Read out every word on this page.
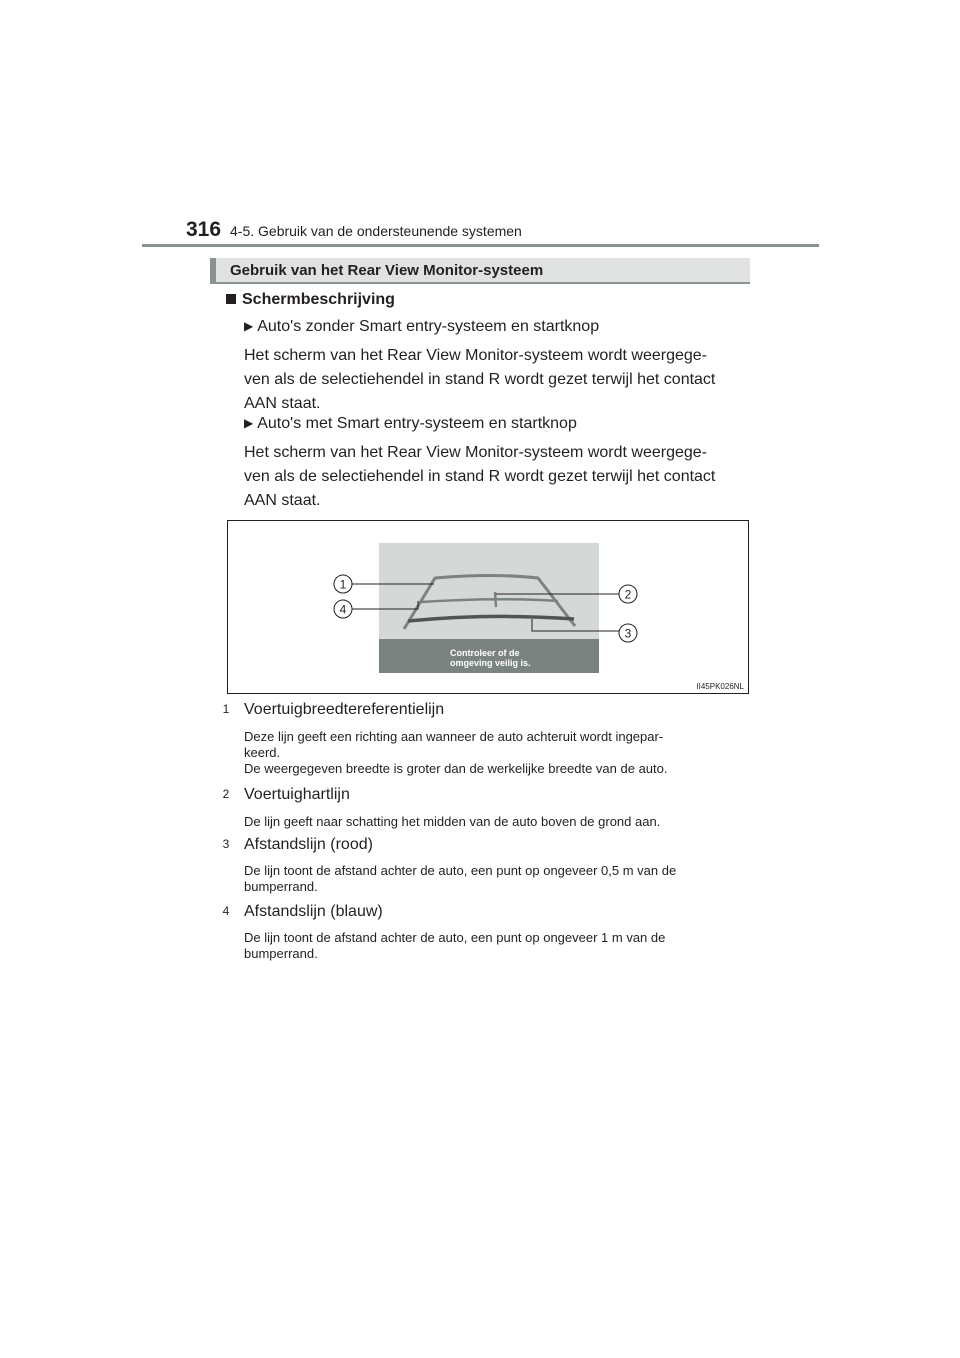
316 4-5. Gebruik van de ondersteunende systemen
Gebruik van het Rear View Monitor-systeem
Schermbeschrijving
▶ Auto's zonder Smart entry-systeem en startknop
Het scherm van het Rear View Monitor-systeem wordt weergege-
ven als de selectiehendel in stand R wordt gezet terwijl het contact
AAN staat.
▶ Auto's met Smart entry-systeem en startknop
Het scherm van het Rear View Monitor-systeem wordt weergege-
ven als de selectiehendel in stand R wordt gezet terwijl het contact
AAN staat.
1
4
2
3
Controleer of de
omgeving veilig is.
II45PK026NL
1 Voertuigbreedtereferentielijn
Deze lijn geeft een richting aan wanneer de auto achteruit wordt ingepar-
keerd.
De weergegeven breedte is groter dan de werkelijke breedte van de auto.
2 Voertuighartlijn
De lijn geeft naar schatting het midden van de auto boven de grond aan.
3 Afstandslijn (rood)
De lijn toont de afstand achter de auto, een punt op ongeveer 0,5 m van de
bumperrand.
4 Afstandslijn (blauw)
De lijn toont de afstand achter de auto, een punt op ongeveer 1 m van de
bumperrand.
